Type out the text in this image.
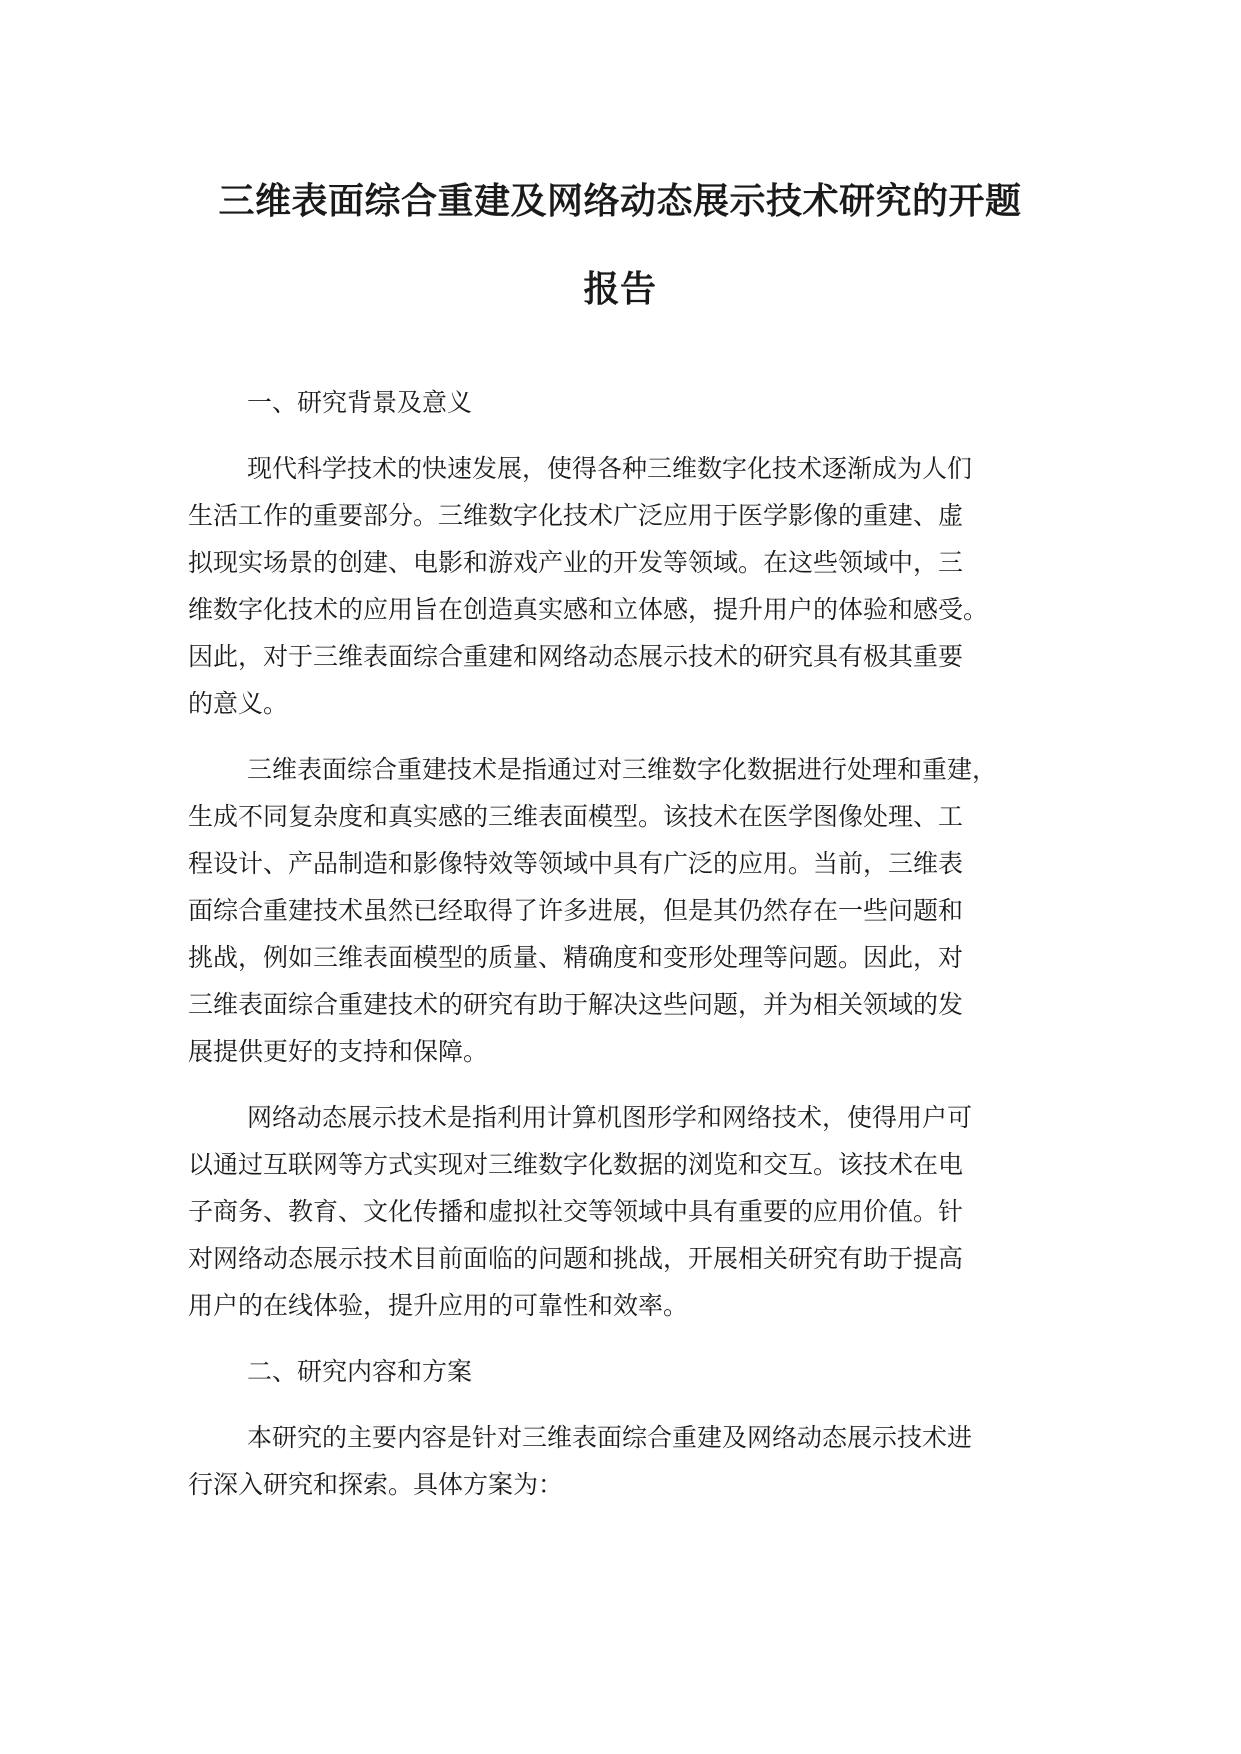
三维表面综合重建及网络动态展示技术研究的开题
报告
一、研究背景及意义
现代科学技术的快速发展，使得各种三维数字化技术逐渐成为人们
生活工作的重要部分。三维数字化技术广泛应用于医学影像的重建、虚
拟现实场景的创建、电影和游戏产业的开发等领域。在这些领域中，三
维数字化技术的应用旨在创造真实感和立体感，提升用户的体验和感受。
因此，对于三维表面综合重建和网络动态展示技术的研究具有极其重要
的意义。
三维表面综合重建技术是指通过对三维数字化数据进行处理和重建，
生成不同复杂度和真实感的三维表面模型。该技术在医学图像处理、工
程设计、产品制造和影像特效等领域中具有广泛的应用。当前，三维表
面综合重建技术虽然已经取得了许多进展，但是其仍然存在一些问题和
挑战，例如三维表面模型的质量、精确度和变形处理等问题。因此，对
三维表面综合重建技术的研究有助于解决这些问题，并为相关领域的发
展提供更好的支持和保障。
网络动态展示技术是指利用计算机图形学和网络技术，使得用户可
以通过互联网等方式实现对三维数字化数据的浏览和交互。该技术在电
子商务、教育、文化传播和虚拟社交等领域中具有重要的应用价值。针
对网络动态展示技术目前面临的问题和挑战，开展相关研究有助于提高
用户的在线体验，提升应用的可靠性和效率。
二、研究内容和方案
本研究的主要内容是针对三维表面综合重建及网络动态展示技术进
行深入研究和探索。具体方案为：
